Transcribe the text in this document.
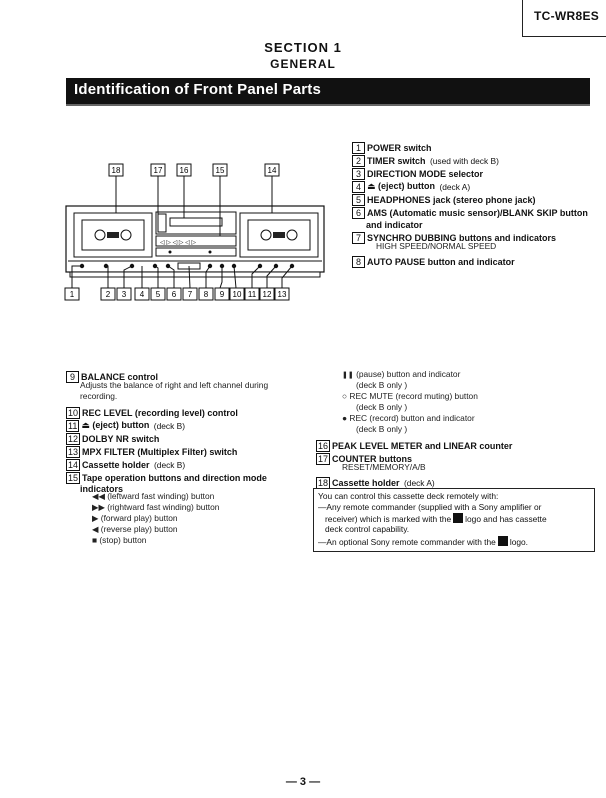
TC-WR8ES
SECTION 1
GENERAL
Identification of Front Panel Parts
1 POWER switch
2 TIMER switch (used with deck B)
3 DIRECTION MODE selector
4 ⏏ (eject) button (deck A)
5 HEADPHONES jack (stereo phone jack)
6 AMS (Automatic music sensor)/BLANK SKIP button
and indicator
7 SYNCHRO DUBBING buttons and indicators
HIGH SPEED/NORMAL SPEED
8 AUTO PAUSE button and indicator
◁ ▷ ◁ ▷ ◁ ▷
18	17 16	15	14
1	2 3 4 5 6 7 8 9 10 11 12 13
9 BALANCE control
Adjusts the balance of right and left channel during
recording.
10 REC LEVEL (recording level) control
11 ⏏ (eject) button (deck B)
12 DOLBY NR switch
13 MPX FILTER (Multiplex Filter) switch
14 Cassette holder (deck B)
15 Tape operation buttons and direction mode
indicators
◀◀ (leftward fast winding) button
▶▶ (rightward fast winding) button
▶ (forward play) button
◀ (reverse play) button
■ (stop) button
❚❚ (pause) button and indicator
(deck B only )
○ REC MUTE (record muting) button
(deck B only )
● REC (record) button and indicator
(deck B only )
16 PEAK LEVEL METER and LINEAR counter
17 COUNTER buttons
RESET/MEMORY/A/B
18 Cassette holder (deck A)
You can control this cassette deck remotely with:
—Any remote commander (supplied with a Sony amplifier or
receiver) which is marked with the logo and has cassette
deck control capability.
—An optional Sony remote commander with the logo.
— 3 —
